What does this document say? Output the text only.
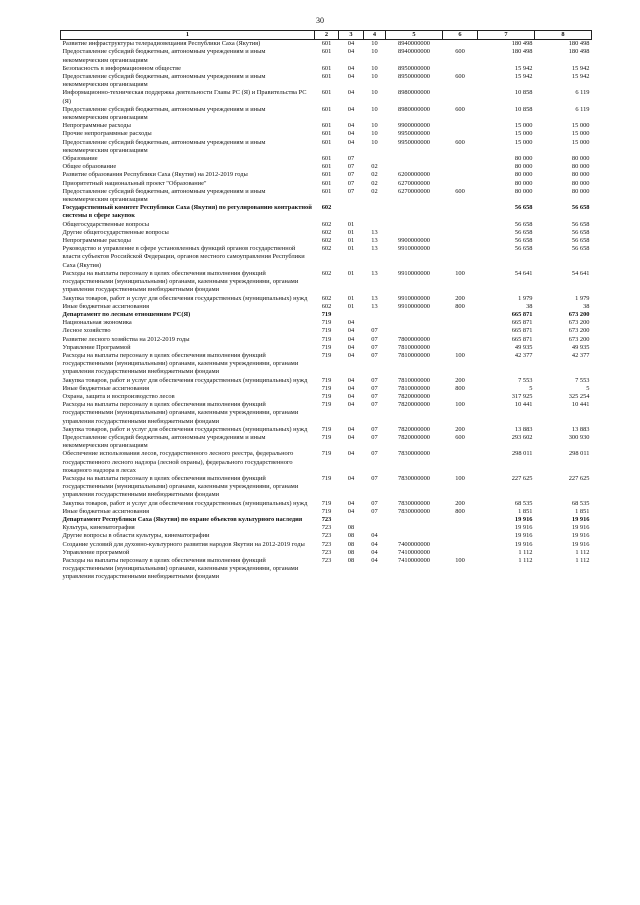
30
1	2	3	4	5	6	7	8
Развитие инфраструктуры телерадиовещания Республики Саха (Якутия)	601	04	10	8940000000		180 498	180 498
Предоставление субсидий бюджетным, автономным учреждениям и иным некоммерческим организациям	601	04	10	8940000000	600	180 498	180 498
Безопасность в информационном обществе	601	04	10	8950000000		15 942	15 942
Предоставление субсидий бюджетным, автономным учреждениям и иным некоммерческим организациям	601	04	10	8950000000	600	15 942	15 942
Информационно-техническая поддержка деятельности Главы РС (Я) и Правительства РС (Я)	601	04	10	8980000000		10 858	6 119
Предоставление субсидий бюджетным, автономным учреждениям и иным некоммерческим организациям	601	04	10	8980000000	600	10 858	6 119
Непрограммные расходы	601	04	10	9900000000		15 000	15 000
Прочие непрограммные расходы	601	04	10	9950000000		15 000	15 000
Предоставление субсидий бюджетным, автономным учреждениям и иным некоммерческим организациям	601	04	10	9950000000	600	15 000	15 000
Образование	601	07				80 000	80 000
Общее образование	601	07	02			80 000	80 000
Развитие образования Республики Саха (Якутия) на 2012-2019 годы	601	07	02	6200000000		80 000	80 000
Приоритетный национальный проект "Образование"	601	07	02	6270000000		80 000	80 000
Предоставление субсидий бюджетным, автономным учреждениям и иным некоммерческим организациям	601	07	02	6270000000	600	80 000	80 000
Государственный комитет Республики Саха (Якутия) по регулированию контрактной системы в сфере закупок	602					56 658	56 658
Общегосударственные вопросы	602	01				56 658	56 658
Другие общегосударственные вопросы	602	01	13			56 658	56 658
Непрограммные расходы	602	01	13	9900000000		56 658	56 658
Руководство и управление в сфере установленных функций органов государственной власти субъектов Российской Федерации, органов местного самоуправления Республики Саха (Якутия)	602	01	13	9910000000		56 658	56 658
Расходы на выплаты персоналу в целях обеспечения выполнения функций государственными (муниципальными) органами, казенными учреждениями, органами управления государственными внебюджетными фондами	602	01	13	9910000000	100	54 641	54 641
Закупка товаров, работ и услуг для обеспечения государственных (муниципальных) нужд	602	01	13	9910000000	200	1 979	1 979
Иные бюджетные ассигнования	602	01	13	9910000000	800	38	38
Департамент по лесным отношениям РС(Я)	719					665 871	673 200
Национальная экономика	719	04				665 871	673 200
Лесное хозяйство	719	04	07			665 871	673 200
Развитие лесного хозяйства на 2012-2019 годы	719	04	07	7800000000		665 871	673 200
Управление Программой	719	04	07	7810000000		49 935	49 935
Расходы на выплаты персоналу в целях обеспечения выполнения функций государственными (муниципальными) органами, казенными учреждениями, органами управления государственными внебюджетными фондами	719	04	07	7810000000	100	42 377	42 377
Закупка товаров, работ и услуг для обеспечения государственных (муниципальных) нужд	719	04	07	7810000000	200	7 553	7 553
Иные бюджетные ассигнования	719	04	07	7810000000	800	5	5
Охрана, защита и воспроизводство лесов	719	04	07	7820000000		317 925	325 254
Расходы на выплаты персоналу в целях обеспечения выполнения функций государственными (муниципальными) органами, казенными учреждениями, органами управления государственными внебюджетными фондами	719	04	07	7820000000	100	10 441	10 441
Закупка товаров, работ и услуг для обеспечения государственных (муниципальных) нужд	719	04	07	7820000000	200	13 883	13 883
Предоставление субсидий бюджетным, автономным учреждениям и иным некоммерческим организациям	719	04	07	7820000000	600	293 602	300 930
Обеспечение использования лесов, государственного лесного реестра, федерального государственного лесного надзора (лесной охраны), федерального государственного пожарного надзора в лесах	719	04	07	7830000000		298 011	298 011
Расходы на выплаты персоналу в целях обеспечения выполнения функций государственными (муниципальными) органами, казенными учреждениями, органами управления государственными внебюджетными фондами	719	04	07	7830000000	100	227 625	227 625
Закупка товаров, работ и услуг для обеспечения государственных (муниципальных) нужд	719	04	07	7830000000	200	68 535	68 535
Иные бюджетные ассигнования	719	04	07	7830000000	800	1 851	1 851
Департамент Республики Саха (Якутия) по охране объектов культурного наследия	723					19 916	19 916
Культура, кинематография	723	08				19 916	19 916
Другие вопросы в области культуры, кинематографии	723	08	04			19 916	19 916
Создание условий для духовно-культурного развития народов Якутии на 2012-2019 годы	723	08	04	7400000000		19 916	19 916
Управление программой	723	08	04	7410000000		1 112	1 112
Расходы на выплаты персоналу в целях обеспечения выполнения функций государственными (муниципальными) органами, казенными учреждениями, органами управления государственными внебюджетными фондами	723	08	04	7410000000	100	1 112	1 112
